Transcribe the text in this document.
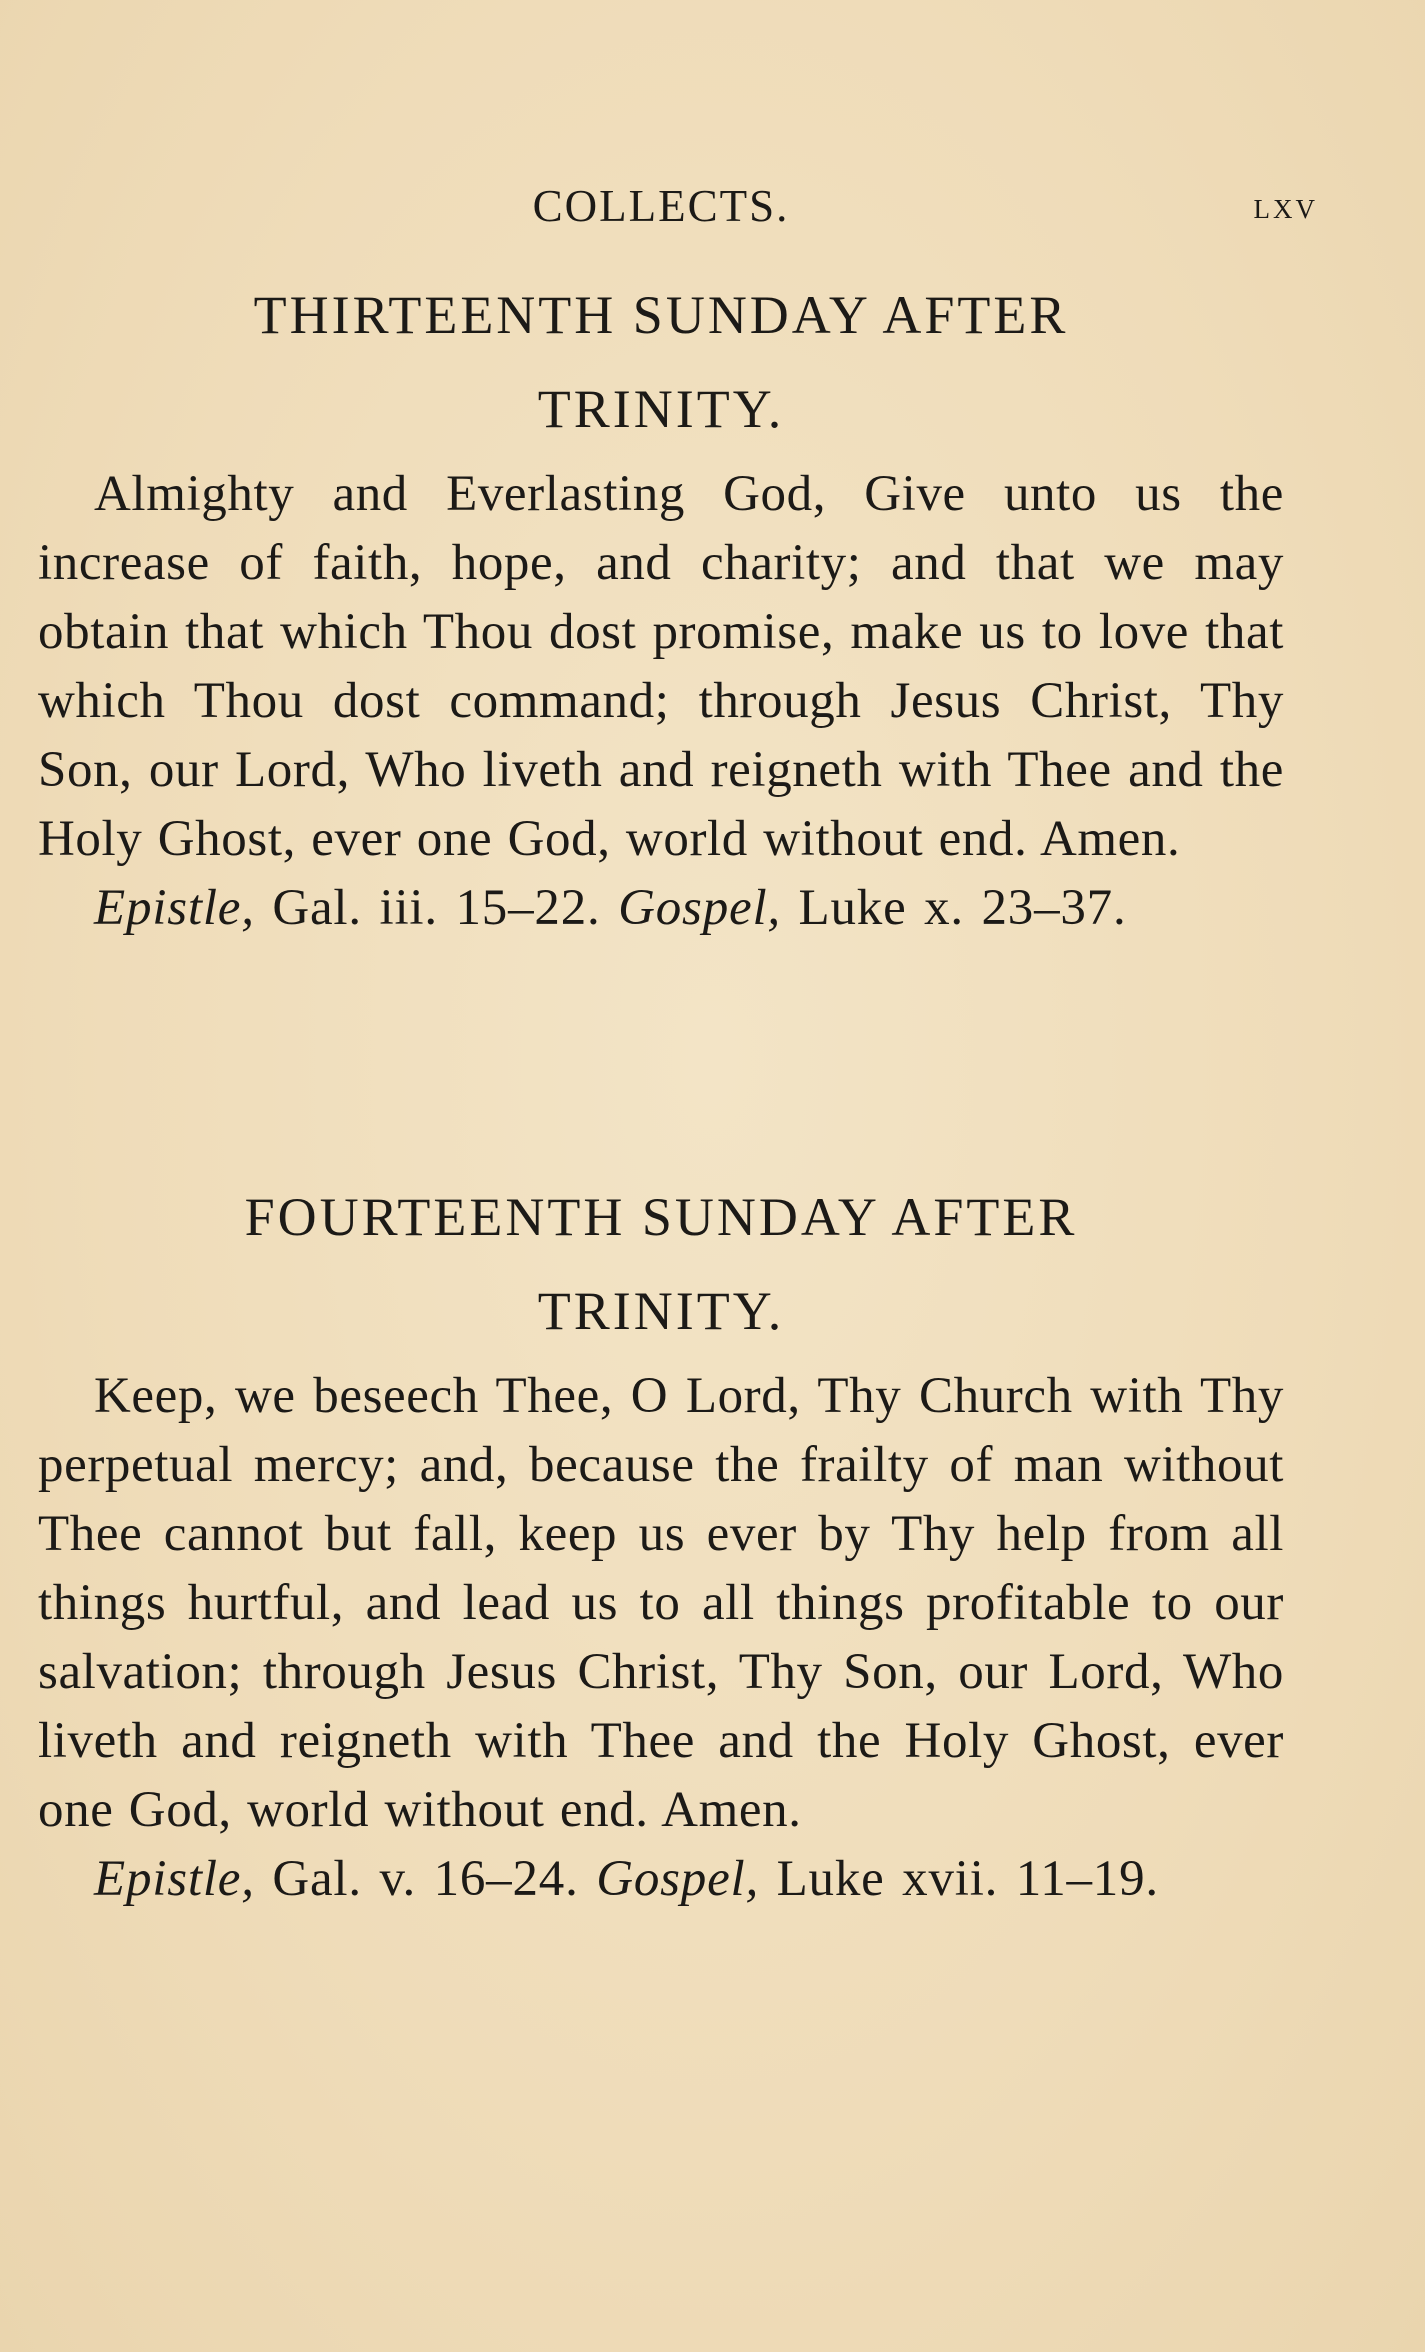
COLLECTS.	lxv
THIRTEENTH SUNDAY AFTER
TRINITY.

Almighty and Everlasting God, Give unto us the increase of faith, hope, and charity; and that we may obtain that which Thou dost promise, make us to love that which Thou dost command; through Jesus Christ, Thy Son, our Lord, Who liveth and reigneth with Thee and the Holy Ghost, ever one God, world without end. Amen.

Epistle, Gal. iii. 15–22. Gospel, Luke x. 23–37.

FOURTEENTH SUNDAY AFTER
TRINITY.

Keep, we beseech Thee, O Lord, Thy Church with Thy perpetual mercy; and, because the frailty of man without Thee cannot but fall, keep us ever by Thy help from all things hurtful, and lead us to all things profitable to our salvation; through Jesus Christ, Thy Son, our Lord, Who liveth and reigneth with Thee and the Holy Ghost, ever one God, world without end. Amen.

Epistle, Gal. v. 16–24. Gospel, Luke xvii. 11–19.
